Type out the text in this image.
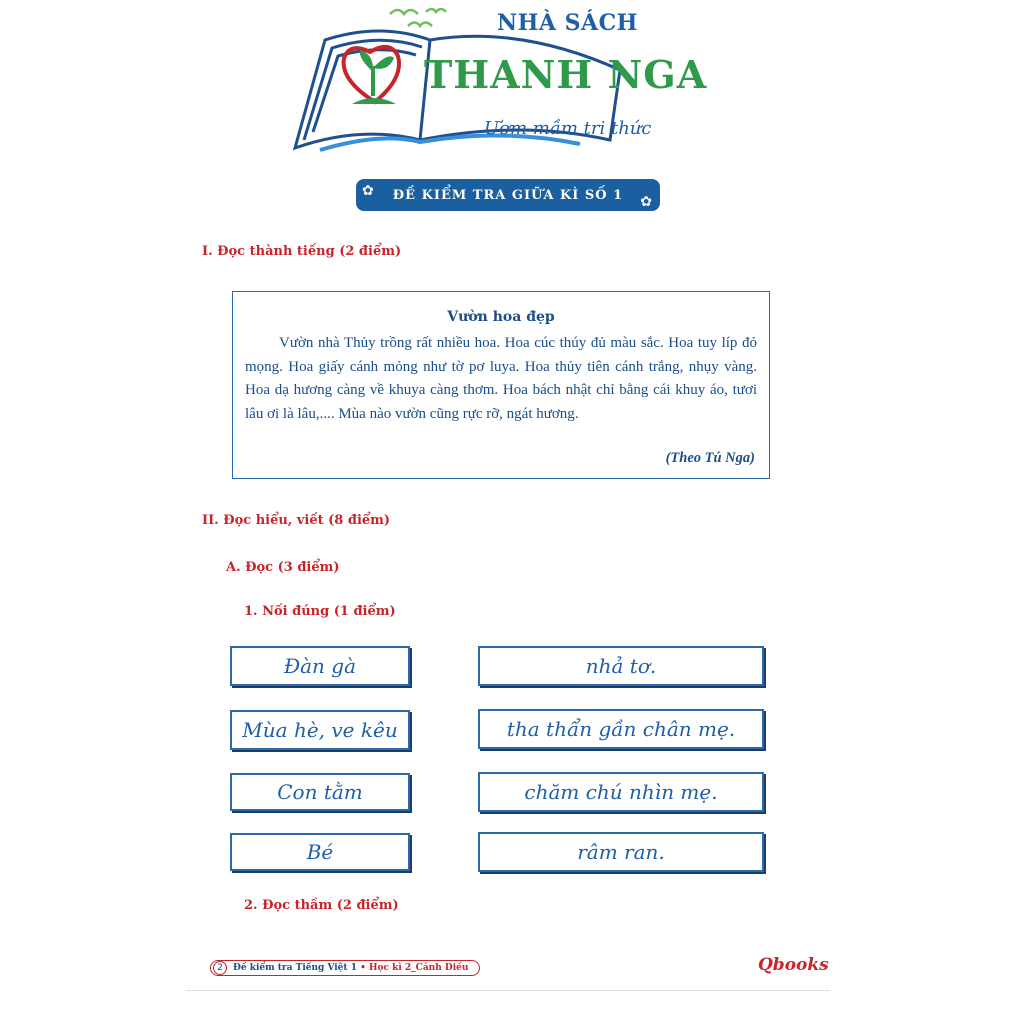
NHÀ SÁCH
THANH NGA
Ươm mầm tri thức
✿ ĐỀ KIỂM TRA GIỮA KÌ SỐ 1 ✿
I. Đọc thành tiếng (2 điểm)
Vườn hoa đẹp

Vườn nhà Thủy trồng rất nhiều hoa. Hoa cúc thúy đủ màu sắc. Hoa tuy líp đỏ mọng. Hoa giấy cánh mỏng như tờ pơ luya. Hoa thủy tiên cánh trắng, nhụy vàng. Hoa dạ hương càng về khuya càng thơm. Hoa bách nhật chỉ bằng cái khuy áo, tươi lâu ơi là lâu,.... Mùa nào vườn cũng rực rỡ, ngát hương.

(Theo Tú Nga)
II. Đọc hiểu, viết (8 điểm)
A. Đọc (3 điểm)
1. Nối đúng (1 điểm)
Đàn gà
Mùa hè, ve kêu
Con tằm
Bé
nhả tơ.
tha thẩn gần chân mẹ.
chăm chú nhìn mẹ.
râm ran.
2. Đọc thầm (2 điểm)
2	Đề kiểm tra Tiếng Việt 1 • Học kì 2_Cánh Diều	Qbooks
